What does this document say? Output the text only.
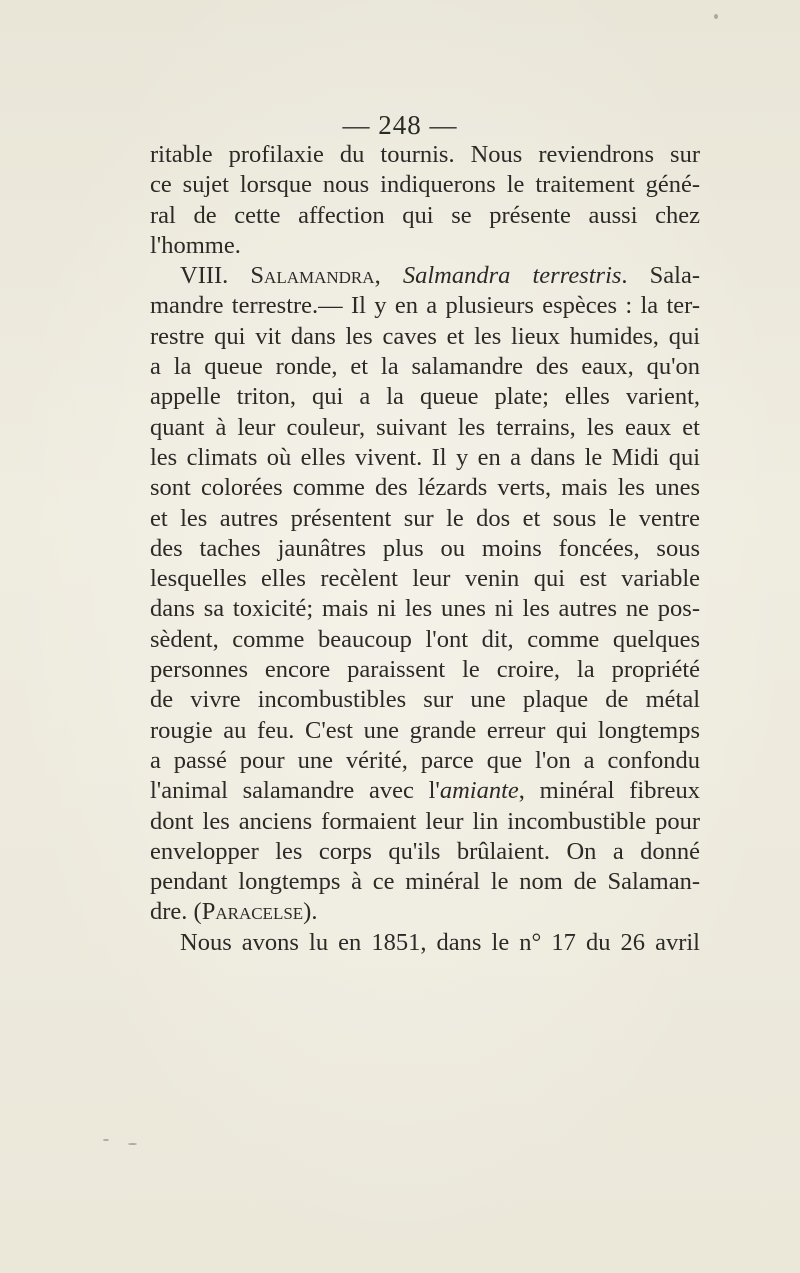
— 248 —
ritable profilaxie du tournis. Nous reviendrons sur
ce sujet lorsque nous indiquerons le traitement géné-
ral de cette affection qui se présente aussi chez
l'homme.
VIII. Salamandra, Salmandra terrestris. Sala-
mandre terrestre.— Il y en a plusieurs espèces : la ter-
restre qui vit dans les caves et les lieux humides, qui
a la queue ronde, et la salamandre des eaux, qu'on
appelle triton, qui a la queue plate; elles varient,
quant à leur couleur, suivant les terrains, les eaux et
les climats où elles vivent. Il y en a dans le Midi qui
sont colorées comme des lézards verts, mais les unes
et les autres présentent sur le dos et sous le ventre
des taches jaunâtres plus ou moins foncées, sous
lesquelles elles recèlent leur venin qui est variable
dans sa toxicité; mais ni les unes ni les autres ne pos-
sèdent, comme beaucoup l'ont dit, comme quelques
personnes encore paraissent le croire, la propriété
de vivre incombustibles sur une plaque de métal
rougie au feu. C'est une grande erreur qui longtemps
a passé pour une vérité, parce que l'on a confondu
l'animal salamandre avec l'amiante, minéral fibreux
dont les anciens formaient leur lin incombustible pour
envelopper les corps qu'ils brûlaient. On a donné
pendant longtemps à ce minéral le nom de Salaman-
dre. (Paracelse).
Nous avons lu en 1851, dans le n° 17 du 26 avril
